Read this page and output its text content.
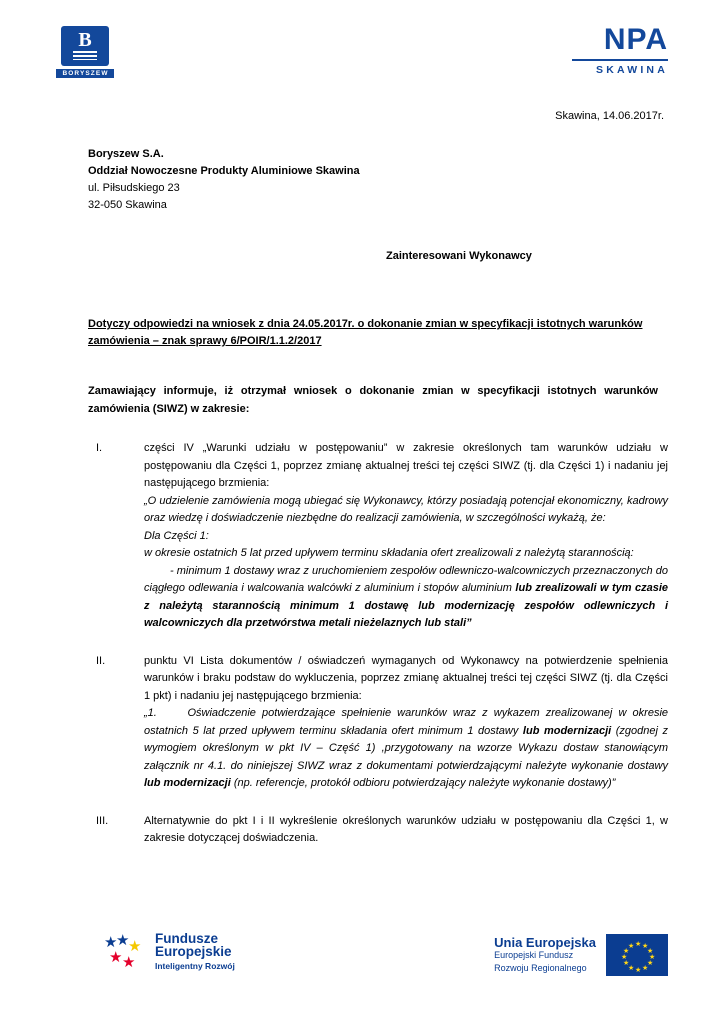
B
BORYSZEW
NPA
SKAWINA
Skawina, 14.06.2017r.
Boryszew S.A.
Oddział Nowoczesne Produkty Aluminiowe Skawina
ul. Piłsudskiego 23
32-050 Skawina
Zainteresowani Wykonawcy
Dotyczy odpowiedzi na wniosek z dnia 24.05.2017r. o dokonanie zmian w specyfikacji istotnych warunków zamówienia – znak sprawy 6/POIR/1.1.2/2017
Zamawiający informuje, iż otrzymał wniosek o dokonanie zmian w specyfikacji istotnych warunków zamówienia (SIWZ) w zakresie:
I.	części IV „Warunki udziału w postępowaniu” w zakresie określonych tam warunków udziału w postępowaniu dla Części 1, poprzez zmianę aktualnej treści tej części SIWZ (tj. dla Części 1) i nadaniu jej następującego brzmienia:

„O udzielenie zamówienia mogą ubiegać się Wykonawcy, którzy posiadają potencjał ekonomiczny, kadrowy oraz wiedzę i doświadczenie niezbędne do realizacji zamówienia, w szczególności wykażą, że:

Dla Części 1:

w okresie ostatnich 5 lat przed upływem terminu składania ofert zrealizowali z należytą starannością:

- minimum 1 dostawy wraz z uruchomieniem zespołów odlewniczo-walcowniczych przeznaczonych do ciągłego odlewania i walcowania walcówki z aluminium i stopów aluminium lub zrealizowali w tym czasie z należytą starannością minimum 1 dostawę lub modernizację zespołów odlewniczych i walcowniczych dla przetwórstwa metali nieżelaznych lub stali”

II.	punktu VI Lista dokumentów / oświadczeń wymaganych od Wykonawcy na potwierdzenie spełnienia warunków i braku podstaw do wykluczenia, poprzez zmianę aktualnej treści tej części SIWZ (tj. dla Części 1 pkt) i nadaniu jej następującego brzmienia:

„1.	Oświadczenie potwierdzające spełnienie warunków wraz z wykazem zrealizowanej w okresie ostatnich 5 lat przed upływem terminu składania ofert minimum 1 dostawy lub modernizacji (zgodnej z wymogiem określonym w pkt IV – Część 1) ,przygotowany na wzorze Wykazu dostaw stanowiącym załącznik nr 4.1. do niniejszej SIWZ wraz z dokumentami potwierdzającymi należyte wykonanie dostawy lub modernizacji (np. referencje, protokół odbioru potwierdzający należyte wykonanie dostawy)”

III.	Alternatywnie do pkt I i II wykreślenie określonych warunków udziału w postępowaniu dla Części 1, w zakresie dotyczącej doświadczenia.

★
★
★
★ ★
Fundusze
Europejskie
Inteligentny Rozwój
Unia Europejska
Europejski Fundusz
Rozwoju Regionalnego
★
★ ★
★	★
★	★
★	★
★ ★
★
